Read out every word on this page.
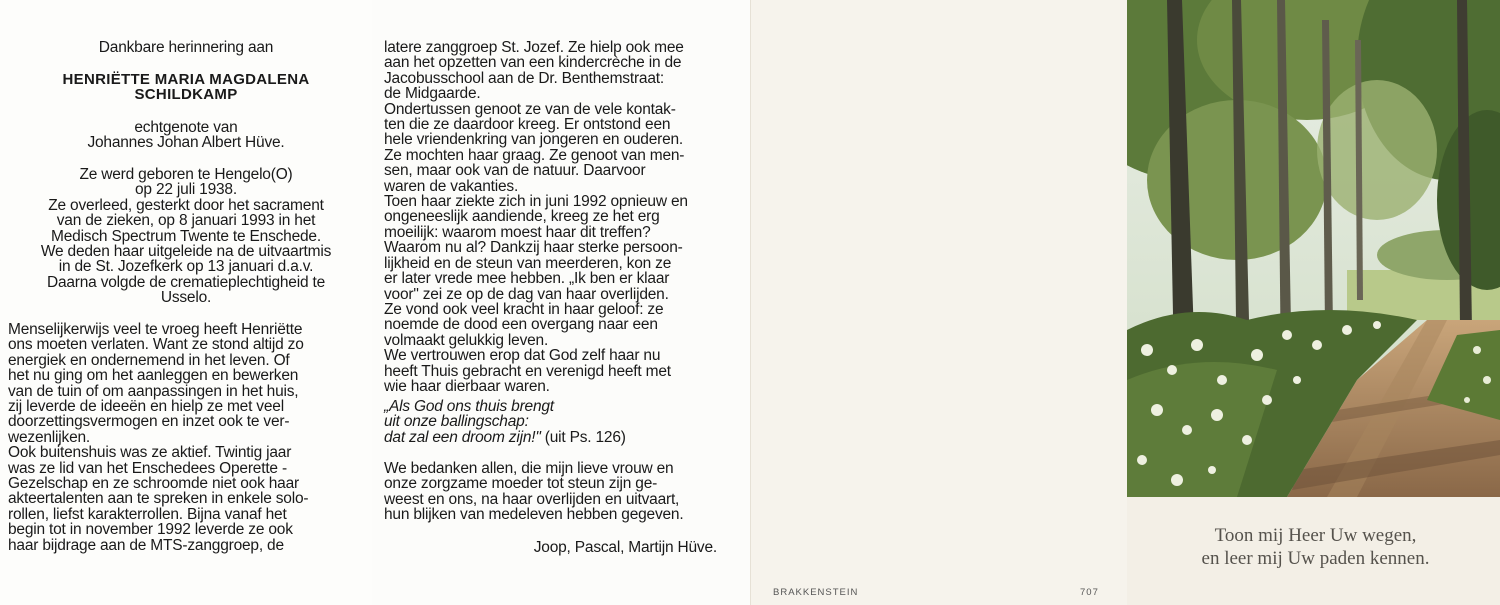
Dankbare herinnering aan
HENRIËTTE MARIA MAGDALENA
SCHILDKAMP
echtgenote van
Johannes Johan Albert Hüve.
Ze werd geboren te Hengelo(O)
op 22 juli 1938.
Ze overleed, gesterkt door het sacrament
van de zieken, op 8 januari 1993 in het
Medisch Spectrum Twente te Enschede.
We deden haar uitgeleide na de uitvaartmis
in de St. Jozefkerk op 13 januari d.a.v.
Daarna volgde de crematieplechtigheid te
Usselo.
Menselijkerwijs veel te vroeg heeft Henriëtte
ons moeten verlaten. Want ze stond altijd zo
energiek en ondernemend in het leven. Of
het nu ging om het aanleggen en bewerken
van de tuin of om aanpassingen in het huis,
zij leverde de ideeën en hielp ze met veel
doorzettingsvermogen en inzet ook te ver-
wezenlijken.
Ook buitenshuis was ze aktief. Twintig jaar
was ze lid van het Enschedees Operette -
Gezelschap en ze schroomde niet ook haar
akteertalenten aan te spreken in enkele solo-
rollen, liefst karakterrollen. Bijna vanaf het
begin tot in november 1992 leverde ze ook
haar bijdrage aan de MTS-zanggroep, de
latere zanggroep St. Jozef. Ze hielp ook mee
aan het opzetten van een kindercrèche in de
Jacobusschool aan de Dr. Benthemstraat:
de Midgaarde.
Ondertussen genoot ze van de vele kontak-
ten die ze daardoor kreeg. Er ontstond een
hele vriendenkring van jongeren en ouderen.
Ze mochten haar graag. Ze genoot van men-
sen, maar ook van de natuur. Daarvoor
waren de vakanties.
Toen haar ziekte zich in juni 1992 opnieuw en
ongeneeslijk aandiende, kreeg ze het erg
moeilijk: waarom moest haar dit treffen?
Waarom nu al? Dankzij haar sterke persoon-
lijkheid en de steun van meerderen, kon ze
er later vrede mee hebben. „Ik ben er klaar
voor" zei ze op de dag van haar overlijden.
Ze vond ook veel kracht in haar geloof: ze
noemde de dood een overgang naar een
volmaakt gelukkig leven.
We vertrouwen erop dat God zelf haar nu
heeft Thuis gebracht en verenigd heeft met
wie haar dierbaar waren.
„Als God ons thuis brengt
uit onze ballingschap:
dat zal een droom zijn!" (uit Ps. 126)
We bedanken allen, die mijn lieve vrouw en
onze zorgzame moeder tot steun zijn ge-
weest en ons, na haar overlijden en uitvaart,
hun blijken van medeleven hebben gegeven.
Joop, Pascal, Martijn Hüve.
BRAKKENSTEIN	707
Toon mij Heer Uw wegen,
en leer mij Uw paden kennen.
